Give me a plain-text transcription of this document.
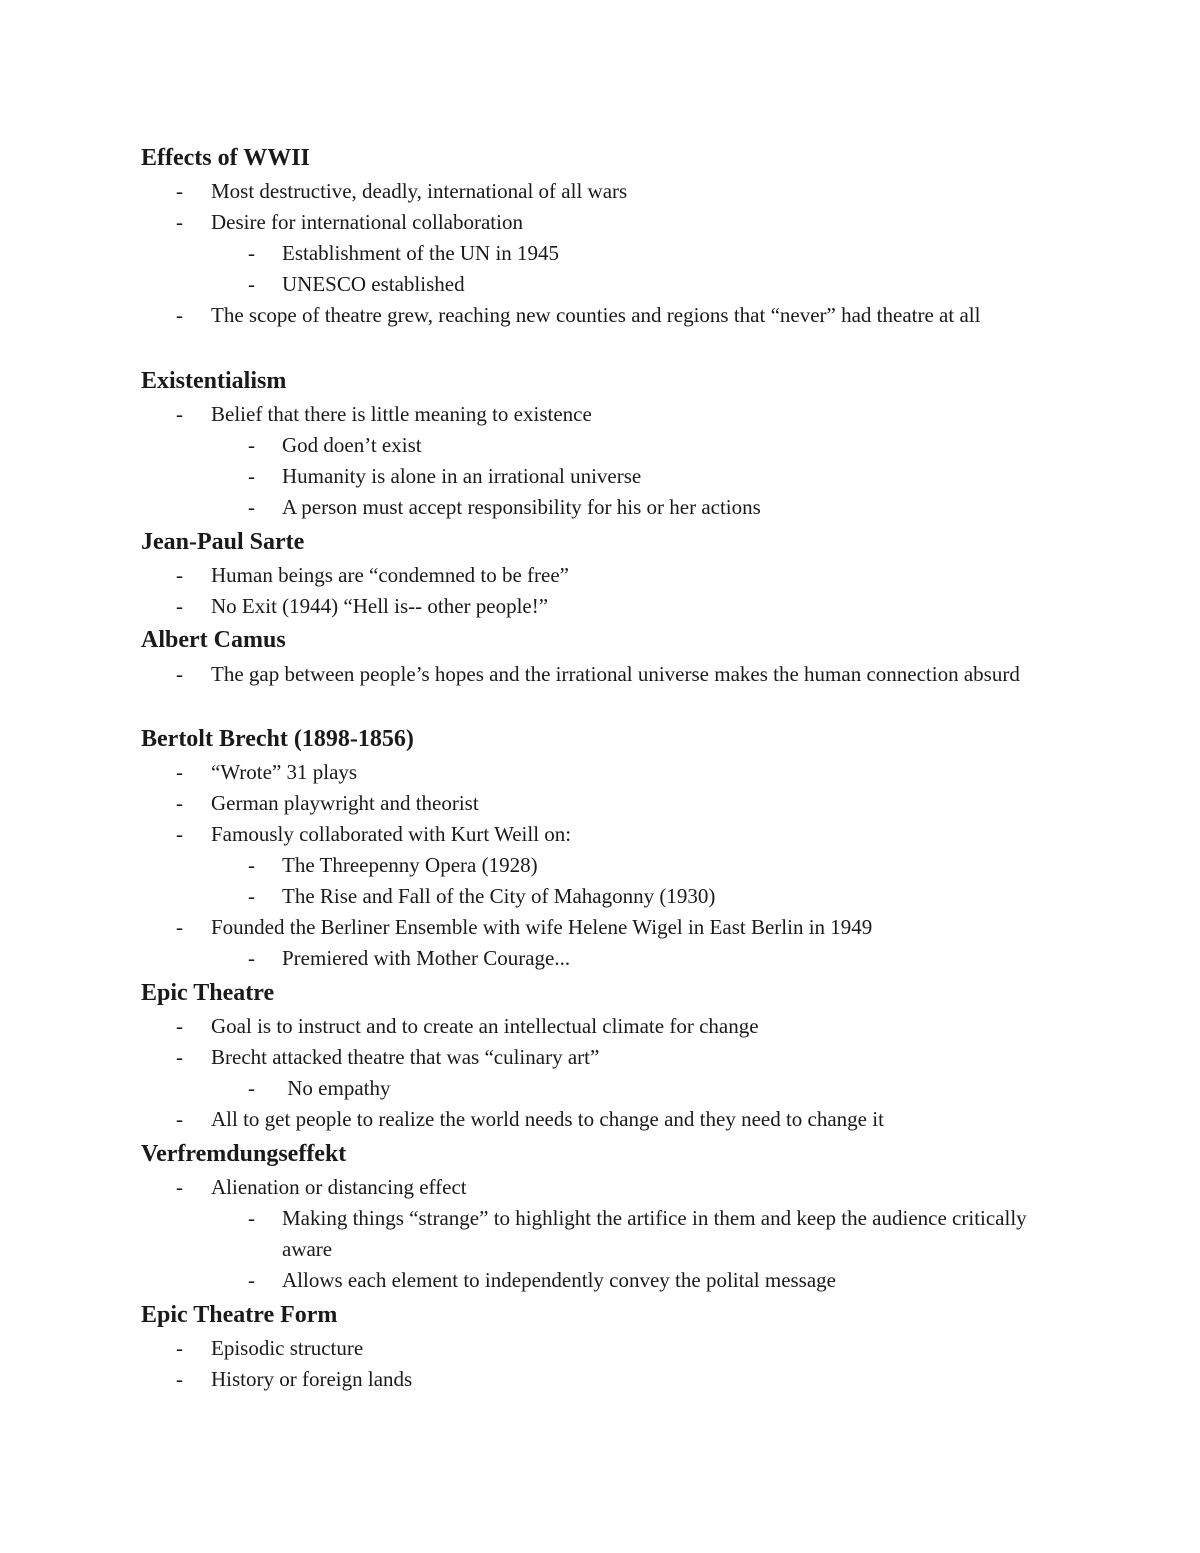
Effects of WWII
- Most destructive, deadly, international of all wars
- Desire for international collaboration
- Establishment of the UN in 1945
- UNESCO established
- The scope of theatre grew, reaching new counties and regions that “never” had theatre at all
Existentialism
- Belief that there is little meaning to existence
- God doen’t exist
- Humanity is alone in an irrational universe
- A person must accept responsibility for his or her actions
Jean-Paul Sarte
- Human beings are “condemned to be free”
- No Exit (1944) “Hell is-- other people!”
Albert Camus
- The gap between people’s hopes and the irrational universe makes the human connection absurd
Bertolt Brecht (1898-1856)
- “Wrote” 31 plays
- German playwright and theorist
- Famously collaborated with Kurt Weill on:
- The Threepenny Opera (1928)
- The Rise and Fall of the City of Mahagonny (1930)
- Founded the Berliner Ensemble with wife Helene Wigel in East Berlin in 1949
- Premiered with Mother Courage...
Epic Theatre
- Goal is to instruct and to create an intellectual climate for change
- Brecht attacked theatre that was “culinary art”
- No empathy
- All to get people to realize the world needs to change and they need to change it
Verfremdungseffekt
- Alienation or distancing effect
- Making things “strange” to highlight the artifice in them and keep the audience critically aware
- Allows each element to independently convey the polital message
Epic Theatre Form
- Episodic structure
- History or foreign lands
